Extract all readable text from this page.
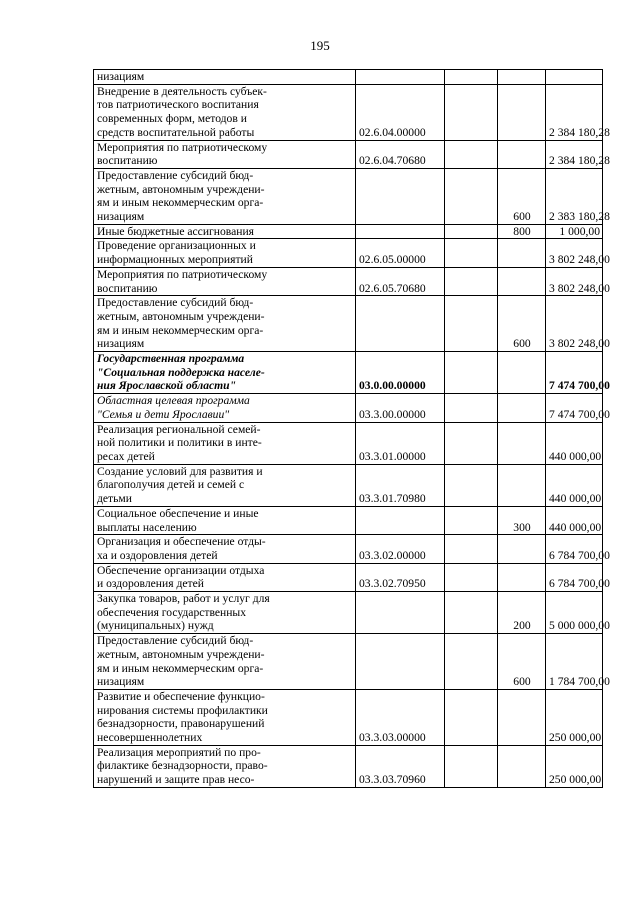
195
низациям				

Внедрение в деятельность субъек-
тов патриотического воспитания
современных форм, методов и
средств воспитательной работы	02.6.04.00000			2 384 180,28

Мероприятия по патриотическому
воспитанию	02.6.04.70680			2 384 180,28

Предоставление субсидий бюд-
жетным, автономным учреждени-
ям и иным некоммерческим орга-
низациям			600	2 383 180,28

Иные бюджетные ассигнования			800	1 000,00

Проведение организационных и
информационных мероприятий	02.6.05.00000			3 802 248,00

Мероприятия по патриотическому
воспитанию	02.6.05.70680			3 802 248,00

Предоставление субсидий бюд-
жетным, автономным учреждени-
ям и иным некоммерческим орга-
низациям			600	3 802 248,00

Государственная программа
"Социальная поддержка населе-
ния Ярославской области"	03.0.00.00000			7 474 700,00

Областная целевая программа
"Семья и дети Ярославии"	03.3.00.00000			7 474 700,00

Реализация региональной семей-
ной политики и политики в инте-
ресах детей	03.3.01.00000			440 000,00

Создание условий для развития и
благополучия детей и семей с
детьми	03.3.01.70980			440 000,00

Социальное обеспечение и иные
выплаты населению			300	440 000,00

Организация и обеспечение отды-
ха и оздоровления детей	03.3.02.00000			6 784 700,00

Обеспечение организации отдыха
и оздоровления детей	03.3.02.70950			6 784 700,00

Закупка товаров, работ и услуг для
обеспечения государственных
(муниципальных) нужд			200	5 000 000,00

Предоставление субсидий бюд-
жетным, автономным учреждени-
ям и иным некоммерческим орга-
низациям			600	1 784 700,00

Развитие и обеспечение функцио-
нирования системы профилактики
безнадзорности, правонарушений
несовершеннолетних	03.3.03.00000			250 000,00

Реализация мероприятий по про-
филактике безнадзорности, право-
нарушений и защите прав несо-	03.3.03.70960			250 000,00
